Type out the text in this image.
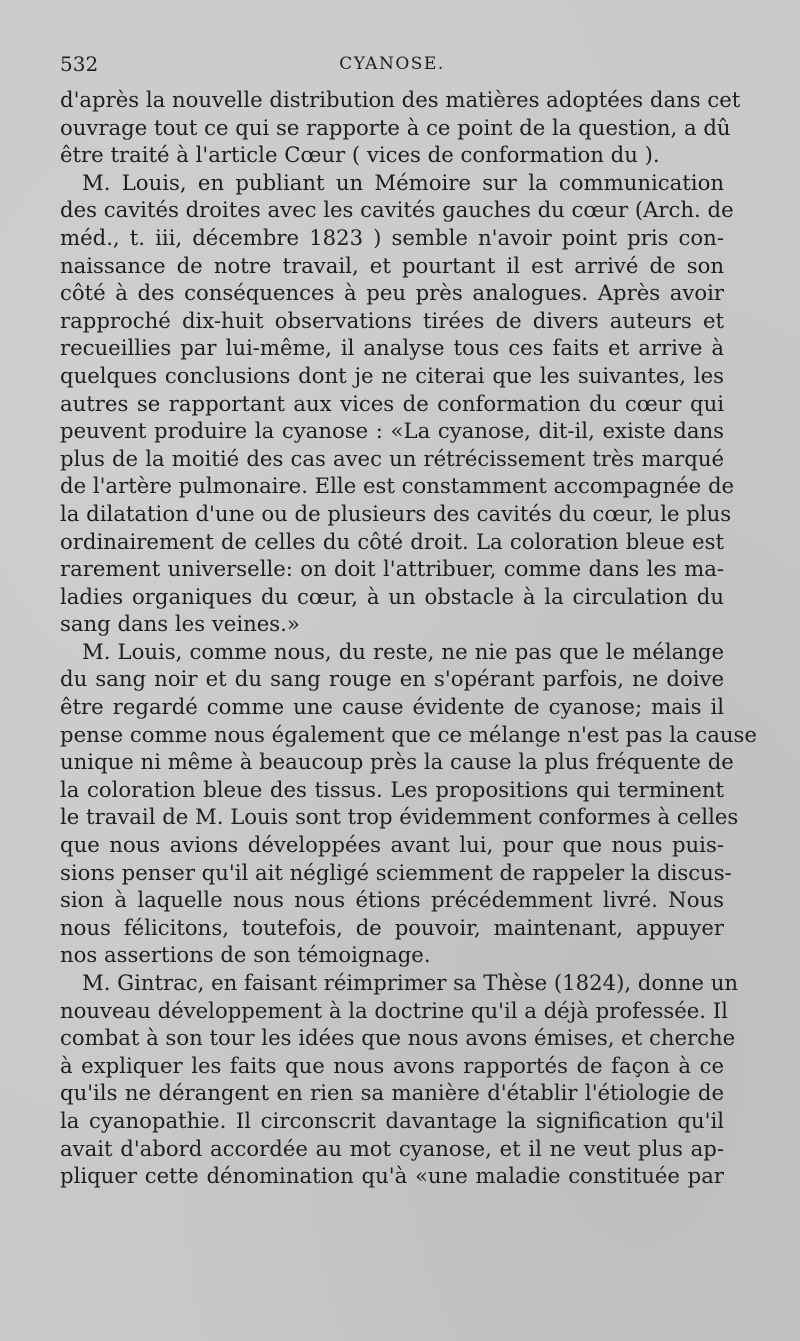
532	CYANOSE.
d'après la nouvelle distribution des matières adoptées dans cet
ouvrage tout ce qui se rapporte à ce point de la question, a dû
être traité à l'article Cœur ( vices de conformation du ).
M. Louis, en publiant un Mémoire sur la communication
des cavités droites avec les cavités gauches du cœur (Arch. de
méd., t. iii, décembre 1823 ) semble n'avoir point pris con-
naissance de notre travail, et pourtant il est arrivé de son
côté à des conséquences à peu près analogues. Après avoir
rapproché dix-huit observations tirées de divers auteurs et
recueillies par lui-même, il analyse tous ces faits et arrive à
quelques conclusions dont je ne citerai que les suivantes, les
autres se rapportant aux vices de conformation du cœur qui
peuvent produire la cyanose : «La cyanose, dit-il, existe dans
plus de la moitié des cas avec un rétrécissement très marqué
de l'artère pulmonaire. Elle est constamment accompagnée de
la dilatation d'une ou de plusieurs des cavités du cœur, le plus
ordinairement de celles du côté droit. La coloration bleue est
rarement universelle: on doit l'attribuer, comme dans les ma-
ladies organiques du cœur, à un obstacle à la circulation du
sang dans les veines.»
M. Louis, comme nous, du reste, ne nie pas que le mélange
du sang noir et du sang rouge en s'opérant parfois, ne doive
être regardé comme une cause évidente de cyanose; mais il
pense comme nous également que ce mélange n'est pas la cause
unique ni même à beaucoup près la cause la plus fréquente de
la coloration bleue des tissus. Les propositions qui terminent
le travail de M. Louis sont trop évidemment conformes à celles
que nous avions développées avant lui, pour que nous puis-
sions penser qu'il ait négligé sciemment de rappeler la discus-
sion à laquelle nous nous étions précédemment livré. Nous
nous félicitons, toutefois, de pouvoir, maintenant, appuyer
nos assertions de son témoignage.
M. Gintrac, en faisant réimprimer sa Thèse (1824), donne un
nouveau développement à la doctrine qu'il a déjà professée. Il
combat à son tour les idées que nous avons émises, et cherche
à expliquer les faits que nous avons rapportés de façon à ce
qu'ils ne dérangent en rien sa manière d'établir l'étiologie de
la cyanopathie. Il circonscrit davantage la signification qu'il
avait d'abord accordée au mot cyanose, et il ne veut plus ap-
pliquer cette dénomination qu'à «une maladie constituée par
